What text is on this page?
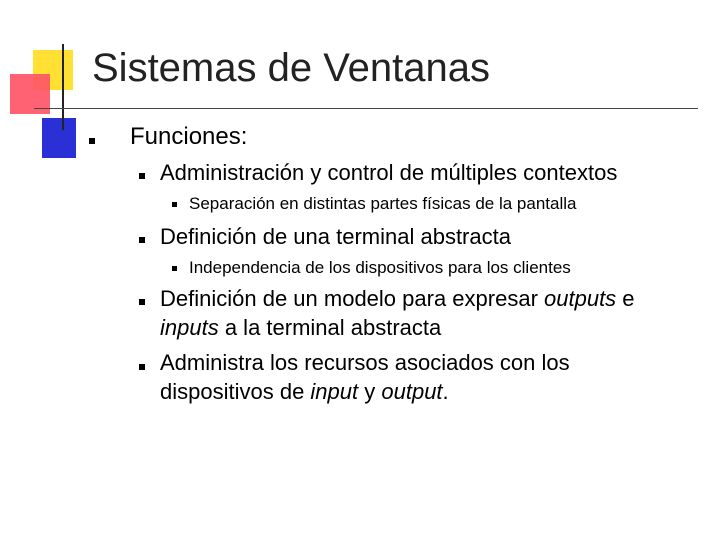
Sistemas de Ventanas
Funciones:
Administración y control de múltiples contextos
Separación en distintas partes físicas de la pantalla
Definición de una terminal abstracta
Independencia de los dispositivos para los clientes
Definición de un modelo para expresar outputs e
inputs a la terminal abstracta
Administra los recursos asociados con los
dispositivos de input y output.
